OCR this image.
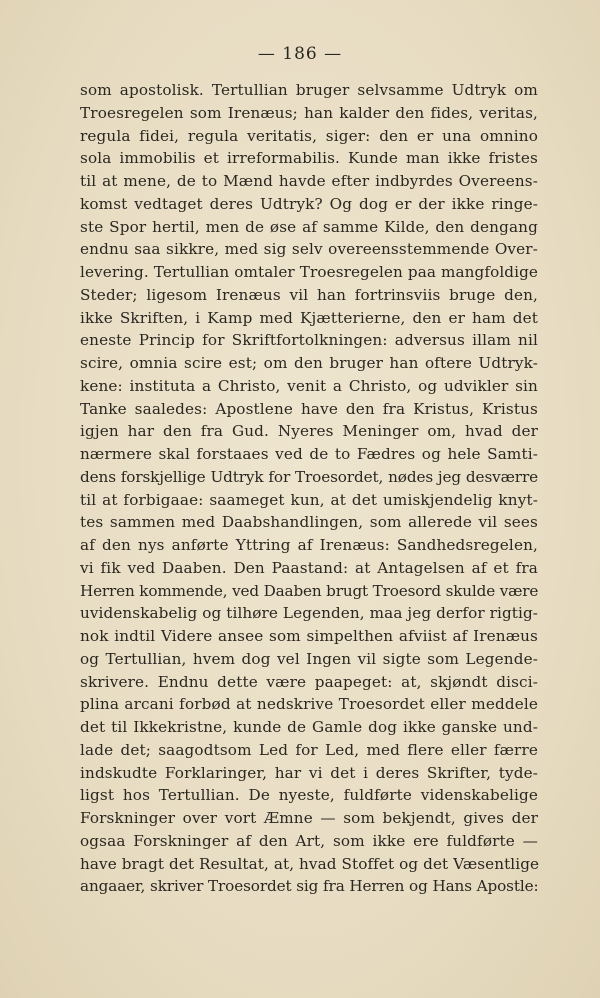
— 186 —
som apostolisk. Tertullian bruger selvsamme Udtryk om
Troesregelen som Irenæus; han kalder den fides, veritas,
regula fidei, regula veritatis, siger: den er una omnino
sola immobilis et irreformabilis. Kunde man ikke fristes
til at mene, de to Mænd havde efter indbyrdes Overeens-
komst vedtaget deres Udtryk? Og dog er der ikke ringe-
ste Spor hertil, men de øse af samme Kilde, den dengang
endnu saa sikkre, med sig selv overeensstemmende Over-
levering. Tertullian omtaler Troesregelen paa mangfoldige
Steder; ligesom Irenæus vil han fortrinsviis bruge den,
ikke Skriften, i Kamp med Kjætterierne, den er ham det
eneste Princip for Skriftfortolkningen: adversus illam nil
scire, omnia scire est; om den bruger han oftere Udtryk-
kene: instituta a Christo, venit a Christo, og udvikler sin
Tanke saaledes: Apostlene have den fra Kristus, Kristus
igjen har den fra Gud. Nyeres Meninger om, hvad der
nærmere skal forstaaes ved de to Fædres og hele Samti-
dens forskjellige Udtryk for Troesordet, nødes jeg desværre
til at forbigaae: saameget kun, at det umiskjendelig knyt-
tes sammen med Daabshandlingen, som allerede vil sees
af den nys anførte Yttring af Irenæus: Sandhedsregelen,
vi fik ved Daaben. Den Paastand: at Antagelsen af et fra
Herren kommende, ved Daaben brugt Troesord skulde være
uvidenskabelig og tilhøre Legenden, maa jeg derfor rigtig-
nok indtil Videre ansee som simpelthen afviist af Irenæus
og Tertullian, hvem dog vel Ingen vil sigte som Legende-
skrivere. Endnu dette være paapeget: at, skjøndt disci-
plina arcani forbød at nedskrive Troesordet eller meddele
det til Ikkekristne, kunde de Gamle dog ikke ganske und-
lade det; saagodtsom Led for Led, med flere eller færre
indskudte Forklaringer, har vi det i deres Skrifter, tyde-
ligst hos Tertullian. De nyeste, fuldførte videnskabelige
Forskninger over vort Æmne — som bekjendt, gives der
ogsaa Forskninger af den Art, som ikke ere fuldførte —
have bragt det Resultat, at, hvad Stoffet og det Væsentlige
angaaer, skriver Troesordet sig fra Herren og Hans Apostle:
